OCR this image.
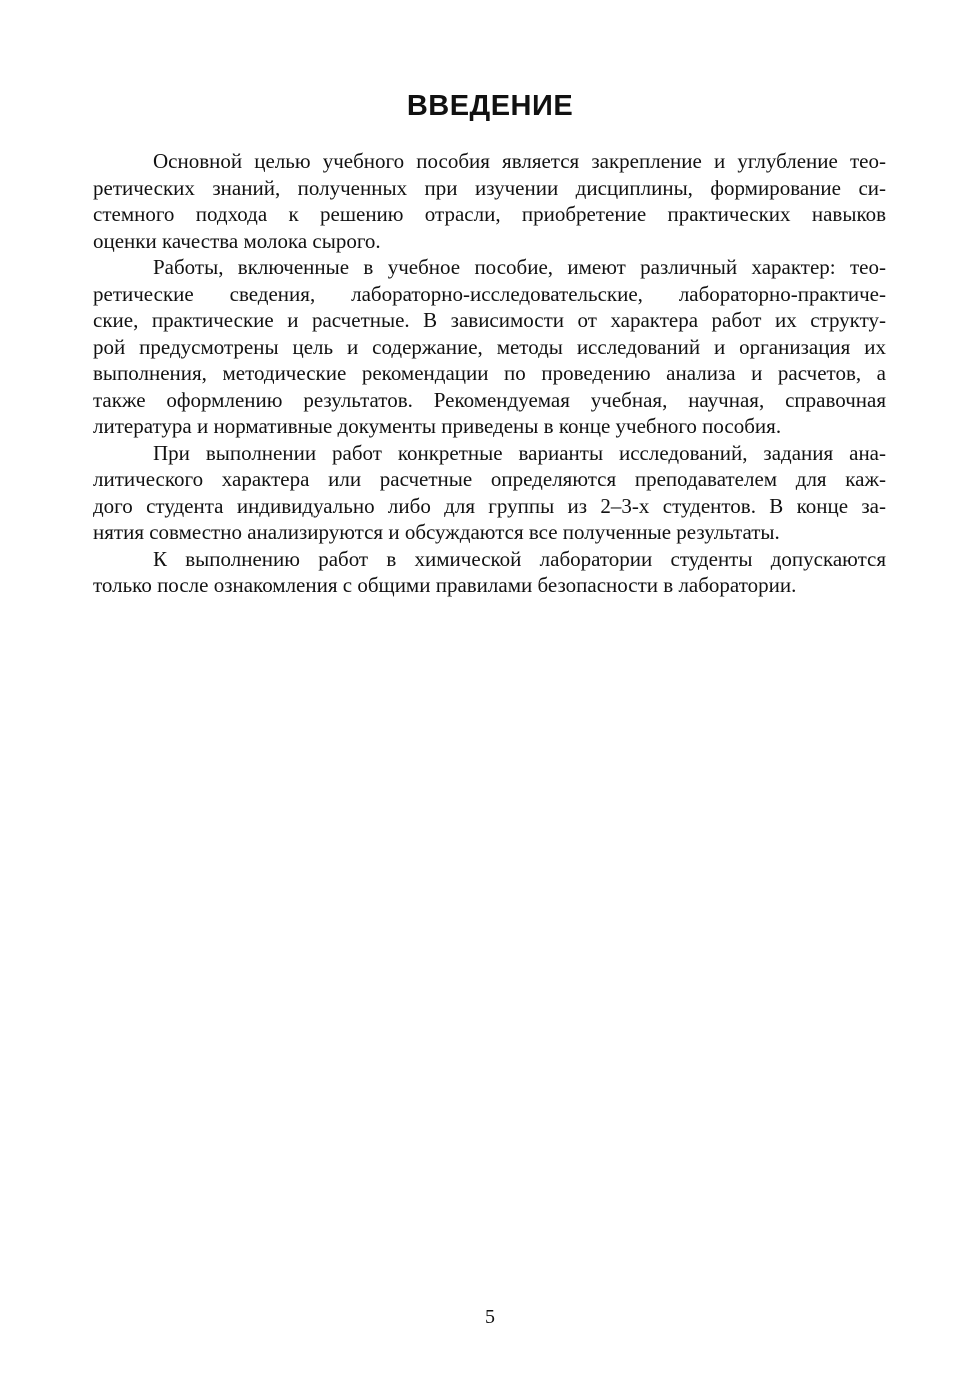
ВВЕДЕНИЕ

Основной целью учебного пособия является закрепление и углубление тео-
ретических знаний, полученных при изучении дисциплины, формирование си-
стемного подхода к решению отрасли, приобретение практических навыков
оценки качества молока сырого.

Работы, включенные в учебное пособие, имеют различный характер: тео-
ретические сведения, лабораторно-исследовательские, лабораторно-практиче-
ские, практические и расчетные. В зависимости от характера работ их структу-
рой предусмотрены цель и содержание, методы исследований и организация их
выполнения, методические рекомендации по проведению анализа и расчетов, а
также оформлению результатов. Рекомендуемая учебная, научная, справочная
литература и нормативные документы приведены в конце учебного пособия.

При выполнении работ конкретные варианты исследований, задания ана-
литического характера или расчетные определяются преподавателем для каж-
дого студента индивидуально либо для группы из 2–3-х студентов. В конце за-
нятия совместно анализируются и обсуждаются все полученные результаты.

К выполнению работ в химической лаборатории студенты допускаются
только после ознакомления с общими правилами безопасности в лаборатории.

5
